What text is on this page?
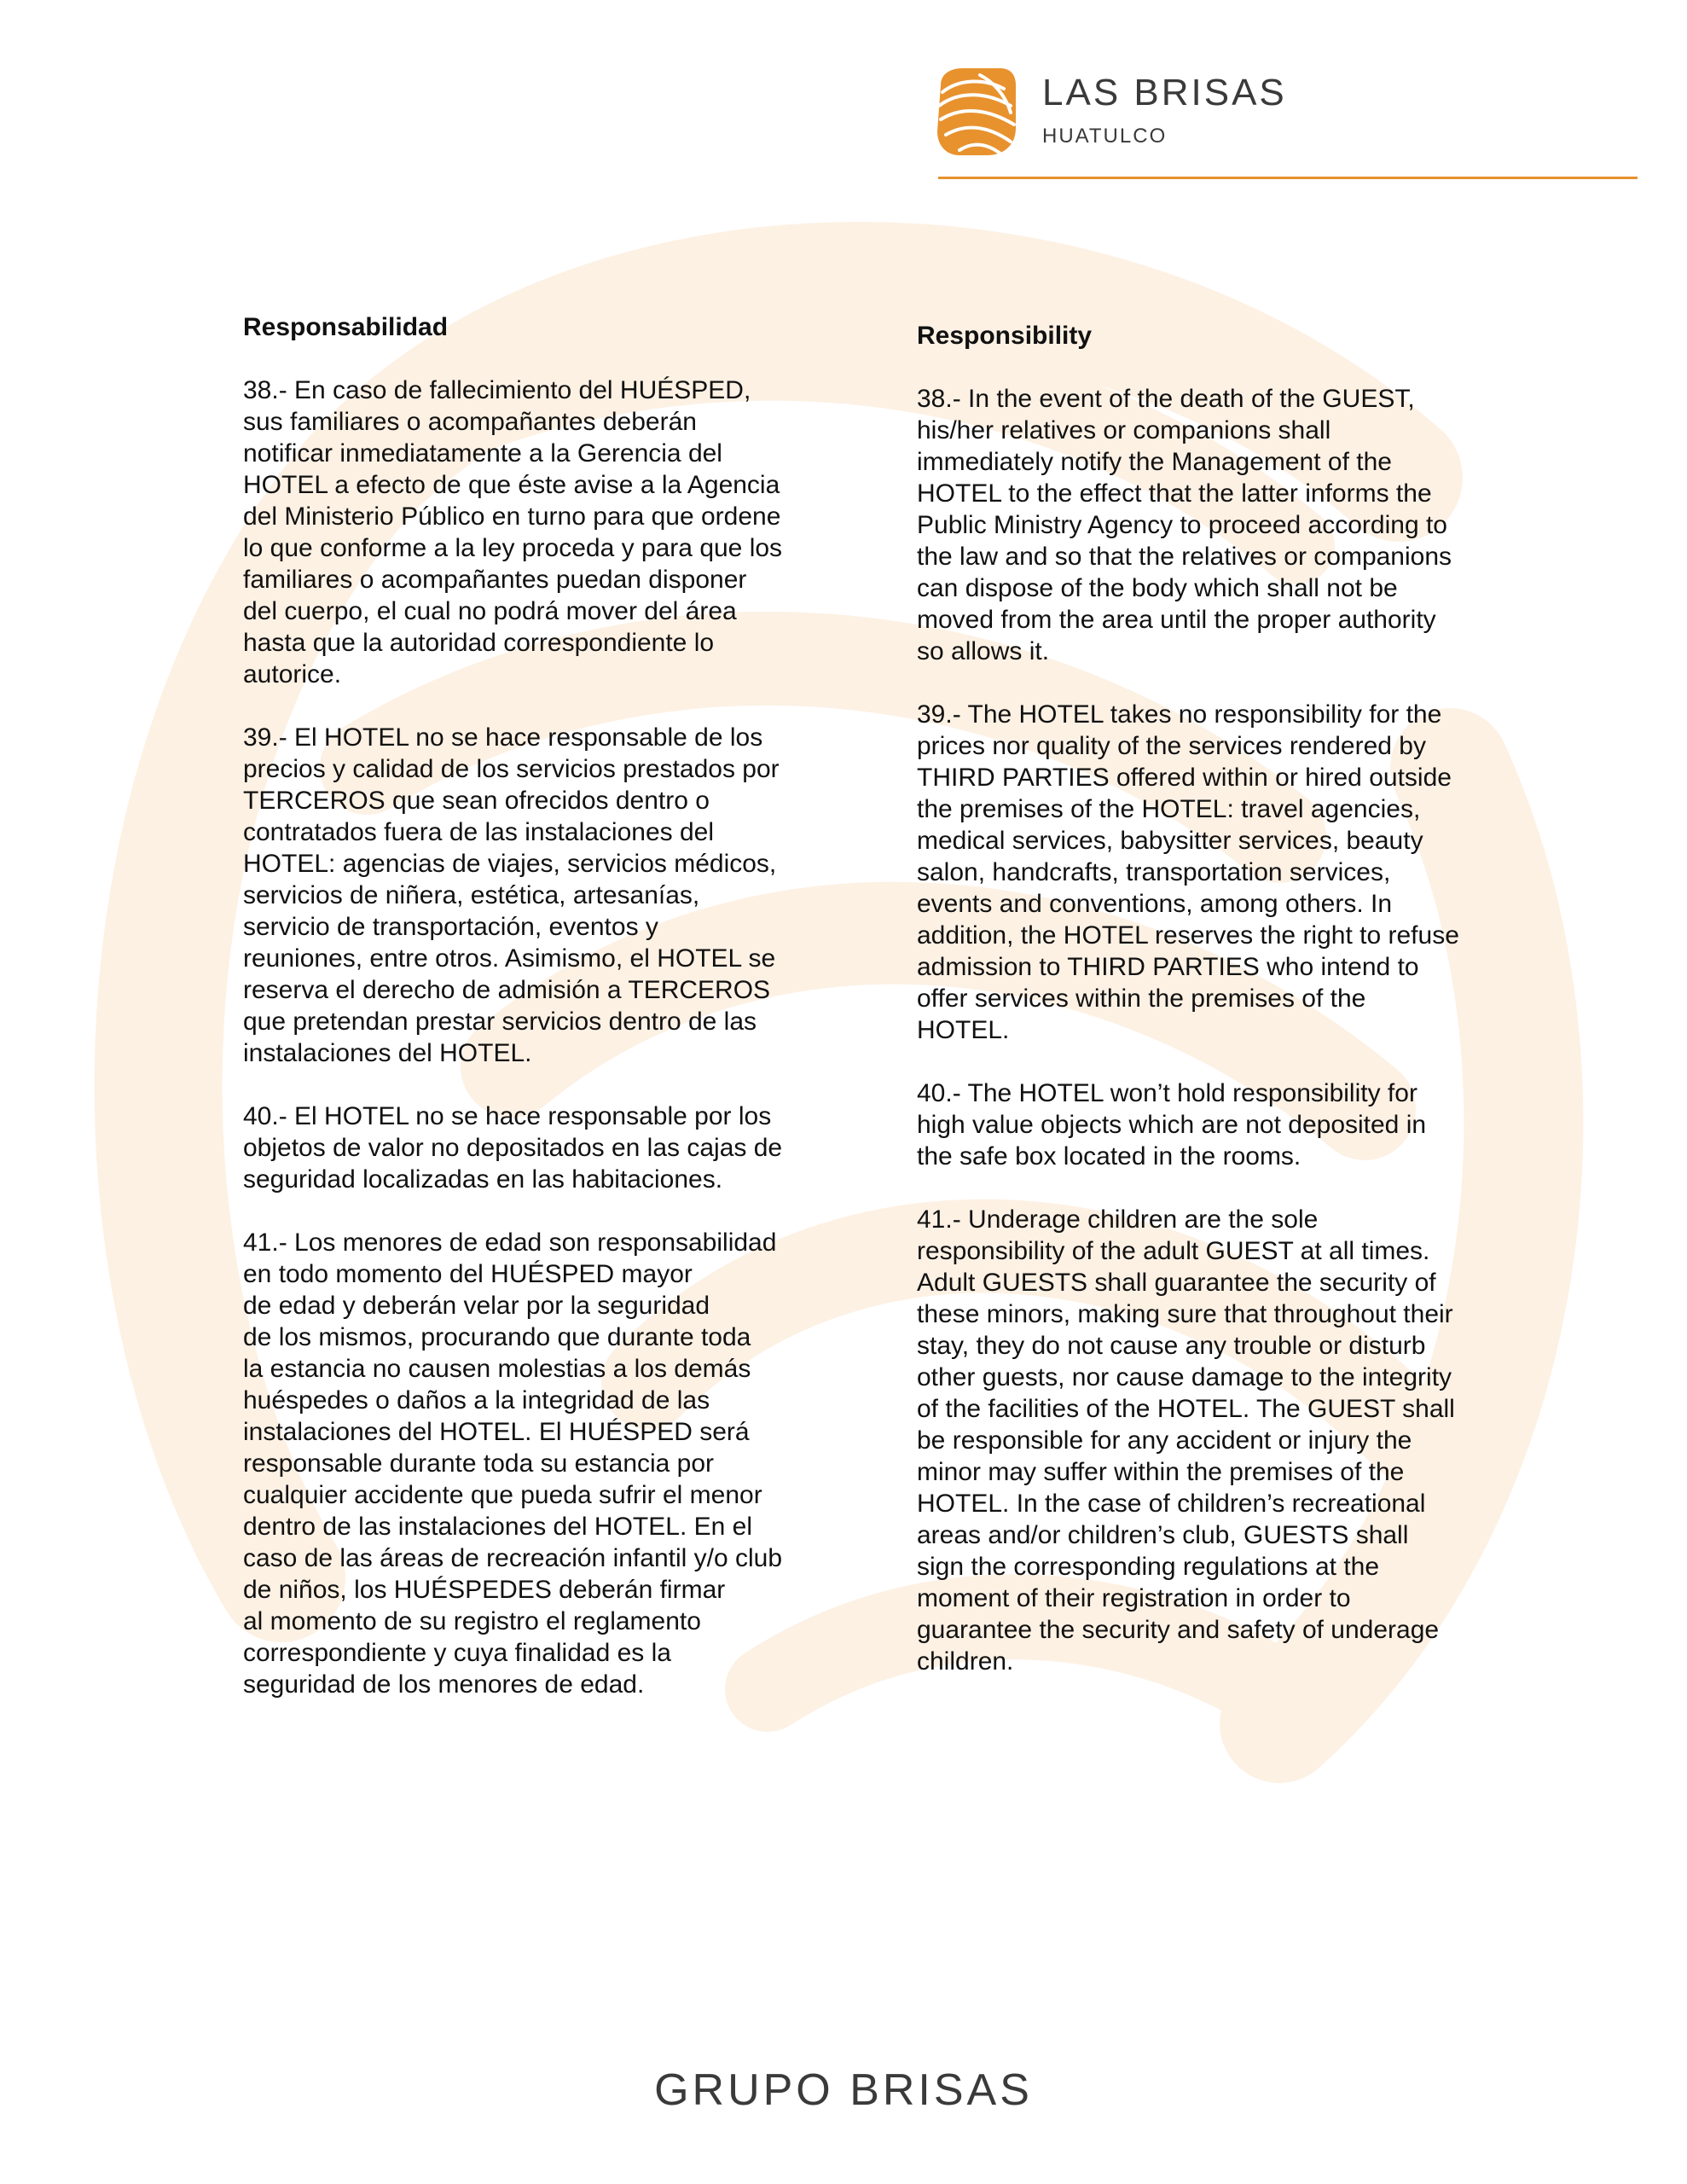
LAS BRISAS
HUATULCO
Responsabilidad
38.- En caso de fallecimiento del HUÉSPED,
sus familiares o acompañantes deberán
notificar inmediatamente a la Gerencia del
HOTEL a efecto de que éste avise a la Agencia
del Ministerio Público en turno para que ordene
lo que conforme a la ley proceda y para que los
familiares o acompañantes puedan disponer
del cuerpo, el cual no podrá mover del área
hasta que la autoridad correspondiente lo
autorice.
39.- El HOTEL no se hace responsable de los
precios y calidad de los servicios prestados por
TERCEROS que sean ofrecidos dentro o
contratados fuera de las instalaciones del
HOTEL: agencias de viajes, servicios médicos,
servicios de niñera, estética, artesanías,
servicio de transportación, eventos y
reuniones, entre otros. Asimismo, el HOTEL se
reserva el derecho de admisión a TERCEROS
que pretendan prestar servicios dentro de las
instalaciones del HOTEL.
40.- El HOTEL no se hace responsable por los
objetos de valor no depositados en las cajas de
seguridad localizadas en las habitaciones.
41.- Los menores de edad son responsabilidad
en todo momento del HUÉSPED mayor
de edad y deberán velar por la seguridad
de los mismos, procurando que durante toda
la estancia no causen molestias a los demás
huéspedes o daños a la integridad de las
instalaciones del HOTEL. El HUÉSPED será
responsable durante toda su estancia por
cualquier accidente que pueda sufrir el menor
dentro de las instalaciones del HOTEL. En el
caso de las áreas de recreación infantil y/o club
de niños, los HUÉSPEDES deberán firmar
al momento de su registro el reglamento
correspondiente y cuya finalidad es la
seguridad de los menores de edad.
Responsibility
38.- In the event of the death of the GUEST,
his/her relatives or companions shall
immediately notify the Management of the
HOTEL to the effect that the latter informs the
Public Ministry Agency to proceed according to
the law and so that the relatives or companions
can dispose of the body which shall not be
moved from the area until the proper authority
so allows it.
39.- The HOTEL takes no responsibility for the
prices nor quality of the services rendered by
THIRD PARTIES offered within or hired outside
the premises of the HOTEL: travel agencies,
medical services, babysitter services, beauty
salon, handcrafts, transportation services,
events and conventions, among others. In
addition, the HOTEL reserves the right to refuse
admission to THIRD PARTIES who intend to
offer services within the premises of the
HOTEL.
40.- The HOTEL won’t hold responsibility for
high value objects which are not deposited in
the safe box located in the rooms.
41.- Underage children are the sole
responsibility of the adult GUEST at all times.
Adult GUESTS shall guarantee the security of
these minors, making sure that throughout their
stay, they do not cause any trouble or disturb
other guests, nor cause damage to the integrity
of the facilities of the HOTEL. The GUEST shall
be responsible for any accident or injury the
minor may suffer within the premises of the
HOTEL. In the case of children’s recreational
areas and/or children’s club, GUESTS shall
sign the corresponding regulations at the
moment of their registration in order to
guarantee the security and safety of underage
children.
GRUPO BRISAS
